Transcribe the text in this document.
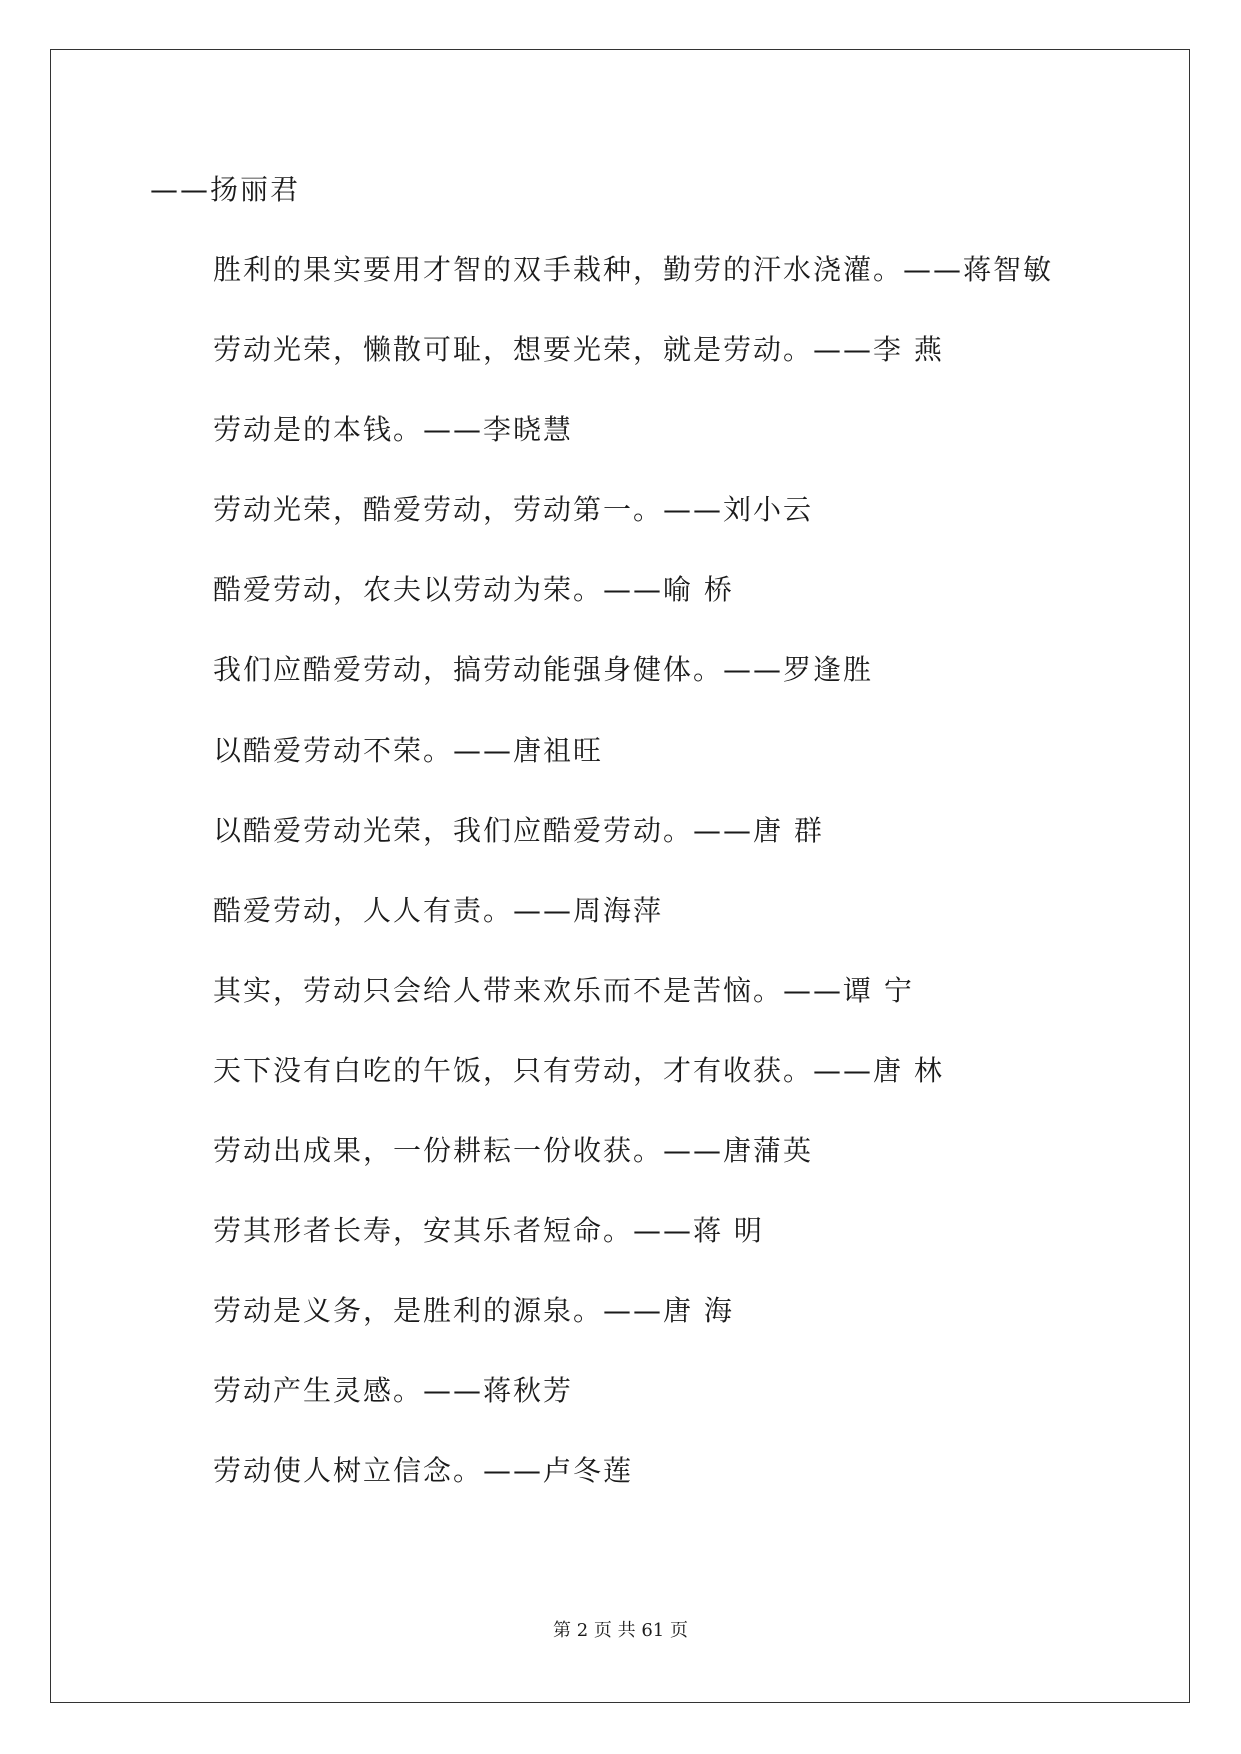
——扬丽君
胜利的果实要用才智的双手栽种，勤劳的汗水浇灌。——蒋智敏
劳动光荣，懒散可耻，想要光荣，就是劳动。——李 燕
劳动是的本钱。——李晓慧
劳动光荣，酷爱劳动，劳动第一。——刘小云
酷爱劳动，农夫以劳动为荣。——喻 桥
我们应酷爱劳动，搞劳动能强身健体。——罗逢胜
以酷爱劳动不荣。——唐祖旺
以酷爱劳动光荣，我们应酷爱劳动。——唐 群
酷爱劳动，人人有责。——周海萍
其实，劳动只会给人带来欢乐而不是苦恼。——谭 宁
天下没有白吃的午饭，只有劳动，才有收获。——唐 林
劳动出成果，一份耕耘一份收获。——唐蒲英
劳其形者长寿，安其乐者短命。——蒋 明
劳动是义务，是胜利的源泉。——唐 海
劳动产生灵感。——蒋秋芳
劳动使人树立信念。——卢冬莲
第 2 页 共 61 页
